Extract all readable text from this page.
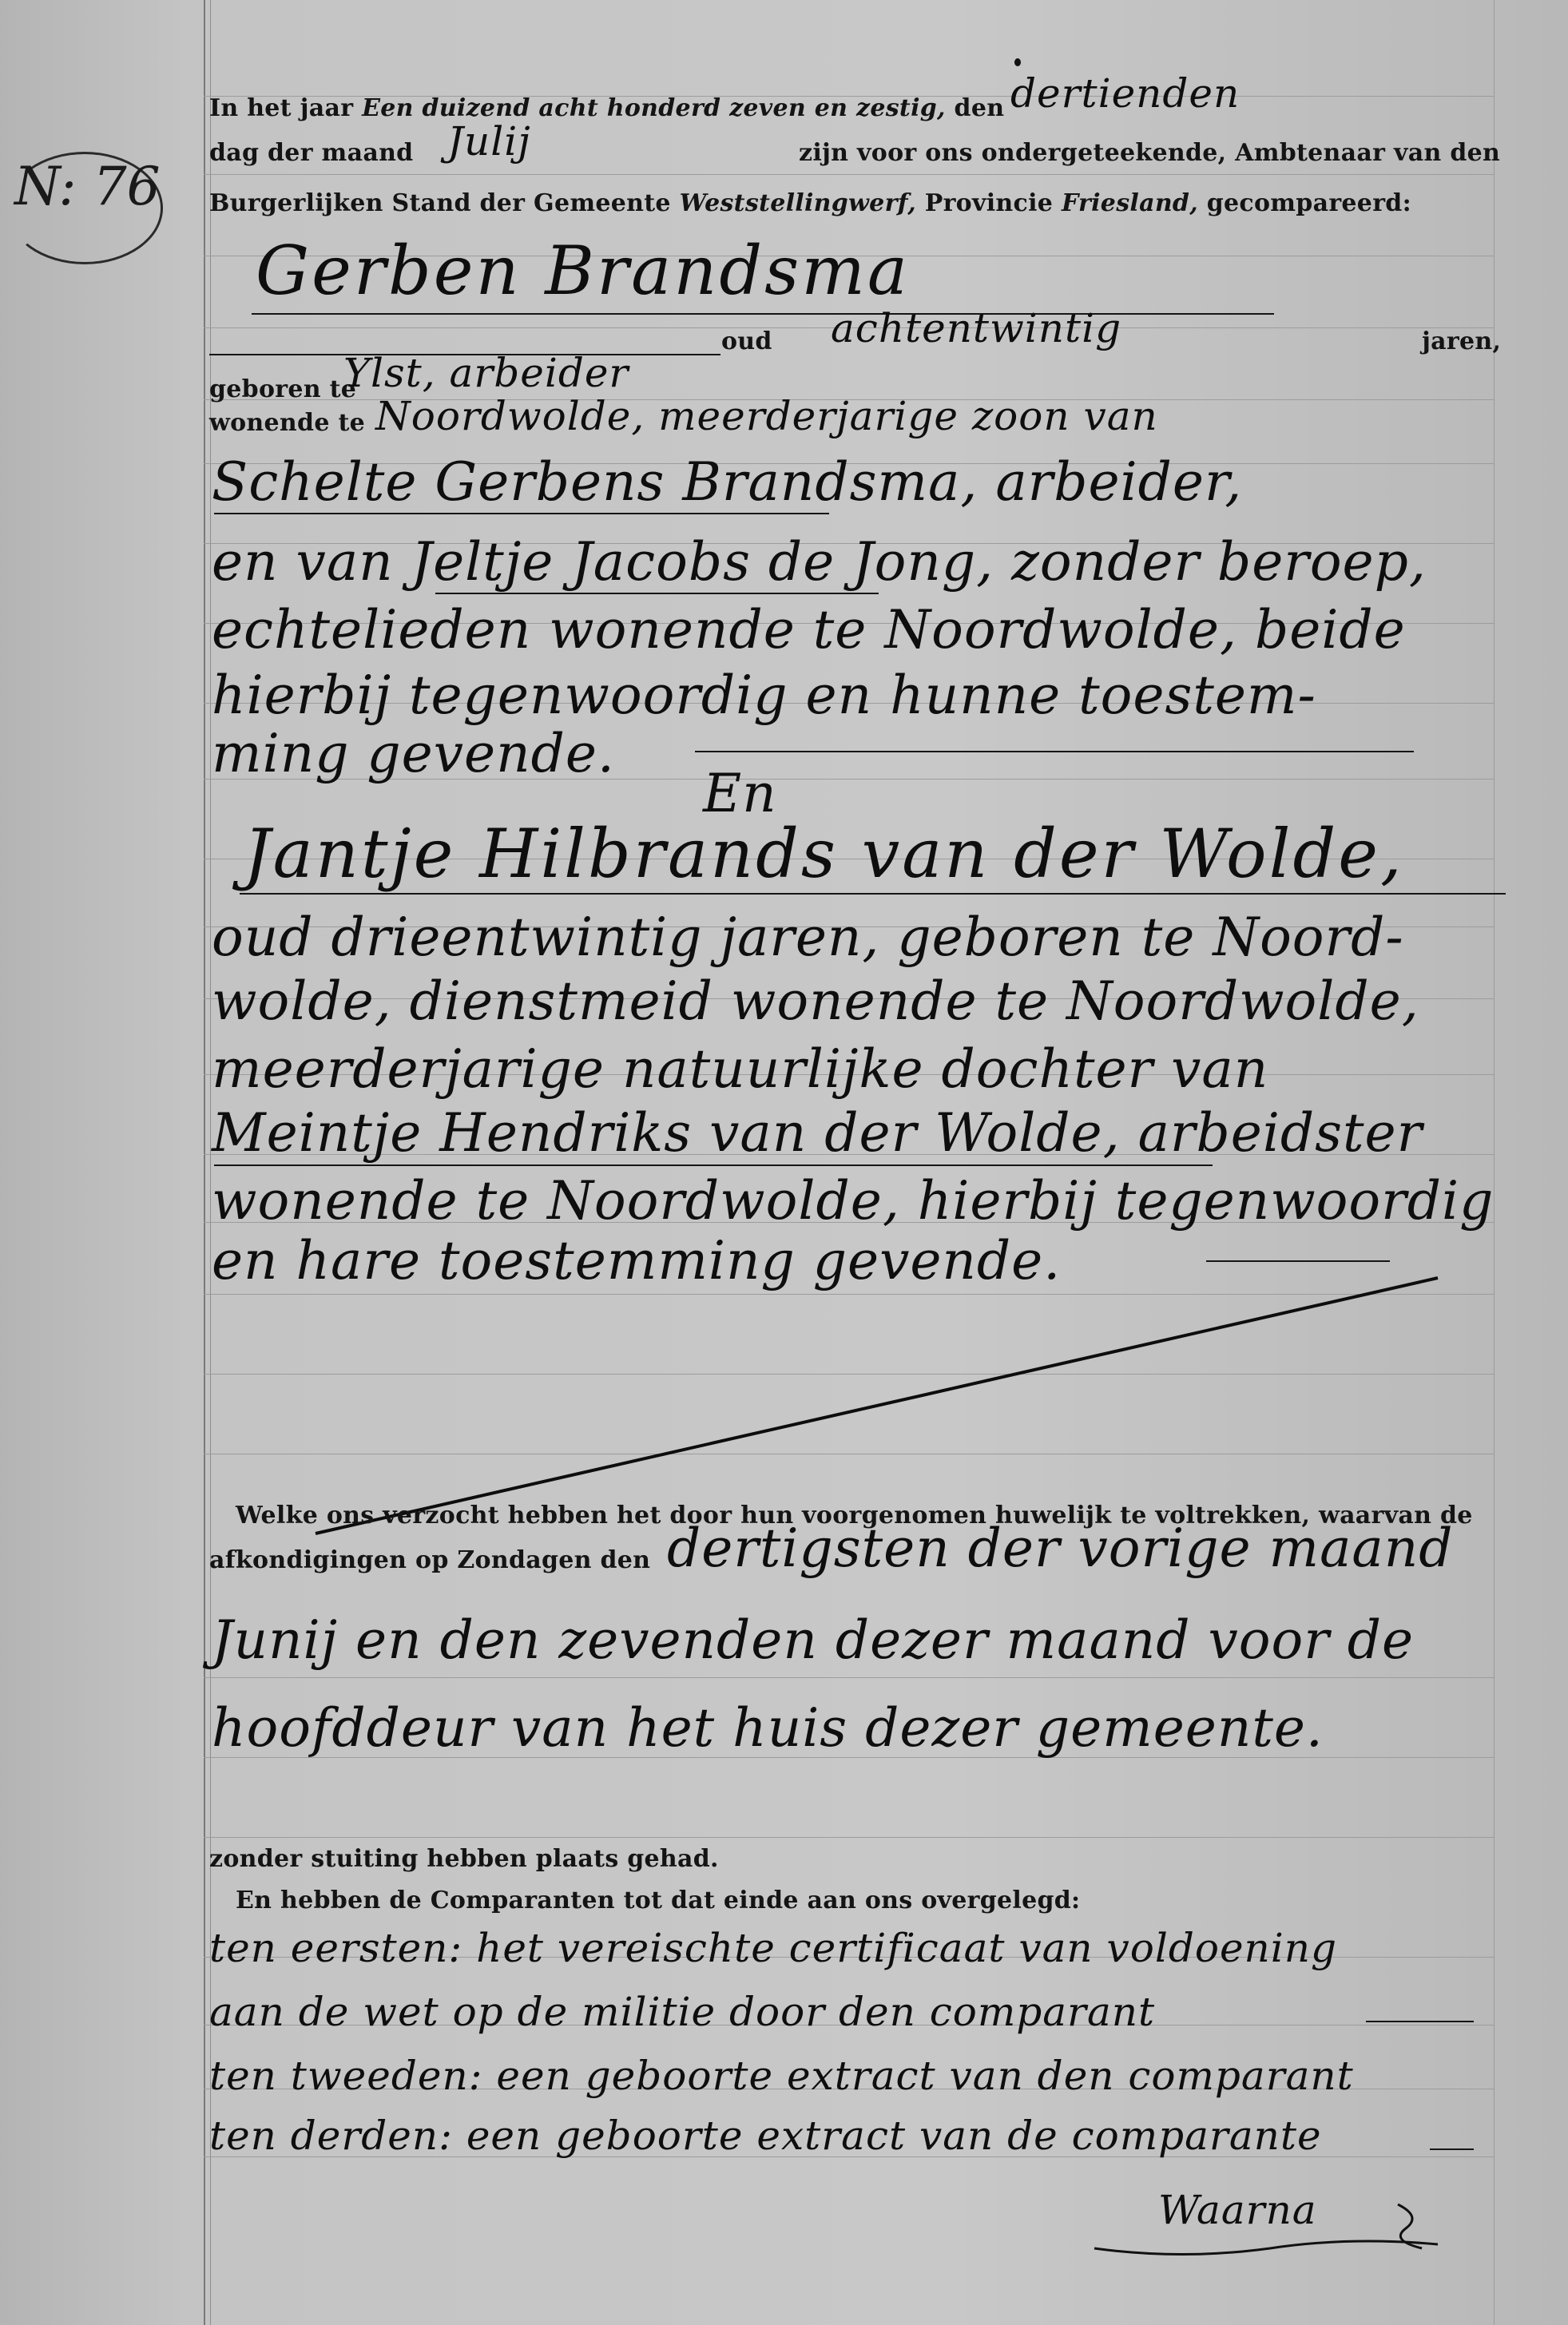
N: 76
In het jaar Een duizend acht honderd zeven en zestig, den dertienden
dag der maand Julij	zijn voor ons ondergeteekende, Ambtenaar van den
Burgerlijken Stand der Gemeente Weststellingwerf, Provincie Friesland, gecompareerd:
Gerben Brandsma
oud achtentwintig	jaren,
geboren te
Ylst, arbeider
wonende te Noordwolde, meerderjarige zoon van
Schelte Gerbens Brandsma, arbeider,
en van Jeltje Jacobs de Jong, zonder beroep,
echtelieden wonende te Noordwolde, beide
hierbij tegenwoordig en hunne toestem-
ming gevende.
En
Jantje Hilbrands van der Wolde,
oud drieentwintig jaren, geboren te Noord-
wolde, dienstmeid wonende te Noordwolde,
meerderjarige natuurlijke dochter van
Meintje Hendriks van der Wolde, arbeidster
wonende te Noordwolde, hierbij tegenwoordig
en hare toestemming gevende.
Welke ons verzocht hebben het door hun voorgenomen huwelijk te voltrekken, waarvan de
afkondigingen op Zondagen den dertigsten der vorige maand
Junij en den zevenden dezer maand voor de
hoofddeur van het huis dezer gemeente.
zonder stuiting hebben plaats gehad.
En hebben de Comparanten tot dat einde aan ons overgelegd:
ten eersten: het vereischte certificaat van voldoening
aan de wet op de militie door den comparant
ten tweeden: een geboorte extract van den comparant
ten derden: een geboorte extract van de comparante
Waarna
